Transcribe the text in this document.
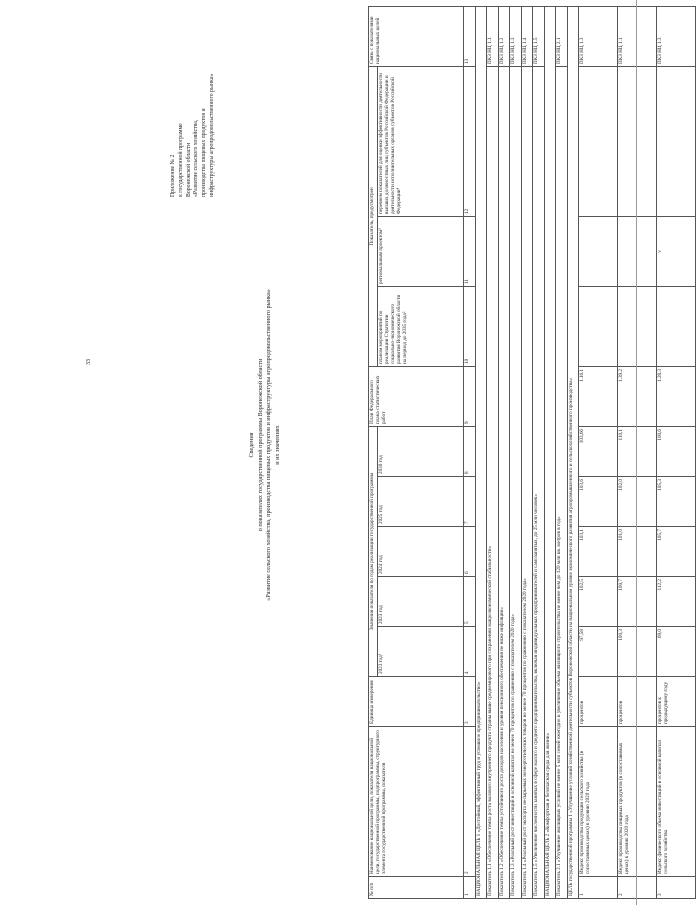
33
Приложение № 2 к государственной программе Воронежской области «Развитие сельского хозяйства, производства пищевых продуктов и инфраструктуры агропродовольственного рынка»
Сведения о показателях государственной программы Воронежской области «Развитие сельского хозяйства, производства пищевых продуктов и инфраструктуры агропродовольственного рынка» и их значениях
№ п/п	Наименование национальной цели, показателя национальной цели, государственной программы, подпрограммы, структурного элемента государственной программы, показателя	Единица измерения	Значения показателя по годам реализации государственной программы					План Федерального плана статистических работ	Показатель, предусмотрен			Связь с показателями национальных целей
			2023 год¹	2023 год	2024 год	2025 год	2030 год		планом мероприятий по реализации Стратегии социально-экономического развития Воронежской области на период до 2035 года²	региональным проектом³	перечнем показателей для оценки эффективности деятельности высших должностных лиц субъектов Российской Федерации и деятельности исполнительных органов субъектов Российской Федерации⁴	
1	2	3	4	5	6	7	8	9	10	11	12	13
НАЦИОНАЛЬНАЯ ЦЕЛЬ 1 «Достойный, эффективный труд и успешное предпринимательство»												
Показатель 1.1 «Обеспечение темпа роста валового внутреннего продукта страны выше среднемирового при сохранении макроэкономической стабильности»												ПКЗ НЦ 1.1
Показатель 1.2 «Обеспечение темпа устойчивого роста доходов населения и уровня пенсионного обеспечения не ниже инфляции»												ПКЗ НЦ 1.2
Показатель 1.3 «Реальный рост инвестиций в основной капитал не менее 70 процентов по сравнению с показателем 2020 года»												ПКЗ НЦ 1.3
Показатель 1.4 «Реальный рост экспорта несырьевых неэнергетических товаров не менее 70 процентов по сравнению с показателем 2020 года»												ПКЗ НЦ 1.4
Показатель 1.5 «Увеличение численности занятых в сфере малого и среднего предпринимательства, включая индивидуальных предпринимателей и самозанятых, до 25 млн человек»												ПКЗ НЦ 1.5
НАЦИОНАЛЬНАЯ ЦЕЛЬ 2 «Комфортная и безопасная среда для жизни»												
Показатель 2.1 «Улучшение жилищных условий не менее 5 млн семей ежегодно и увеличение объема жилищного строительства не менее чем до 120 млн кв. метров в год»												ПКЗ НЦ 2.1
ЦЕЛЬ государственной программы 1 «Улучшение условий хозяйственной деятельности субъектов Воронежской области на национальном уровне экономического развития агропромышленного и сельскохозяйственного производства»												
1	Индекс производства продукции сельского хозяйства (в сопоставимых ценах) к уровню 2020 года	процентов	97,58	102,5	103,1	103,6	103,66	1.16.1				ПКЗ НЦ 1.3
2	Индекс производства пищевых продуктов (в сопоставимых ценах) к уровню 2020 года	процентов	100,3	100,7	101,0	102,0	110,1	1.39.2				ПКЗ НЦ 1.1
3	Индекс физического объема инвестиций в основной капитал сельского хозяйства	процентов к предыдущему году	69,0	112,2	105,7	105,3	100,6	1.28.3		v		ПКЗ НЦ 1.3
